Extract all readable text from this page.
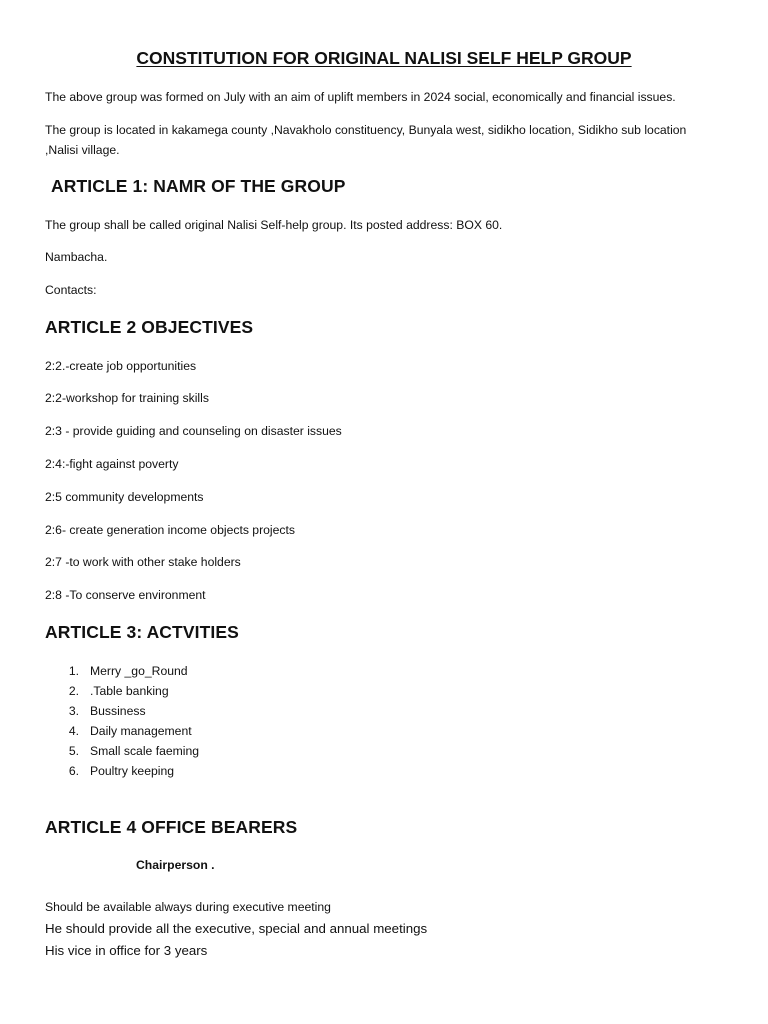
CONSTITUTION FOR ORIGINAL NALISI SELF HELP GROUP
The above group was formed on July with an aim of uplift members in 2024 social, economically and financial issues.
The group is located in kakamega county ,Navakholo constituency, Bunyala west, sidikho location, Sidikho sub location
,Nalisi village.
ARTICLE 1: NAMR OF THE GROUP
The group shall be called original Nalisi Self-help group. Its posted address: BOX 60.
Nambacha.
Contacts:
ARTICLE 2 OBJECTIVES
2:2.-create job opportunities
2:2-workshop for training skills
2:3 - provide guiding and counseling on disaster issues
2:4:-fight against poverty
2:5 community developments
2:6- create generation income objects projects
2:7 -to work with other stake holders
2:8 -To conserve environment
ARTICLE 3: ACTVITIES
1. Merry _go_Round
2. .Table banking
3. Bussiness
4. Daily management
5. Small scale faeming
6. Poultry keeping
ARTICLE 4 OFFICE BEARERS
Chairperson .
Should be available always during executive meeting
He should provide all the executive, special and annual meetings
His vice in office for 3 years
